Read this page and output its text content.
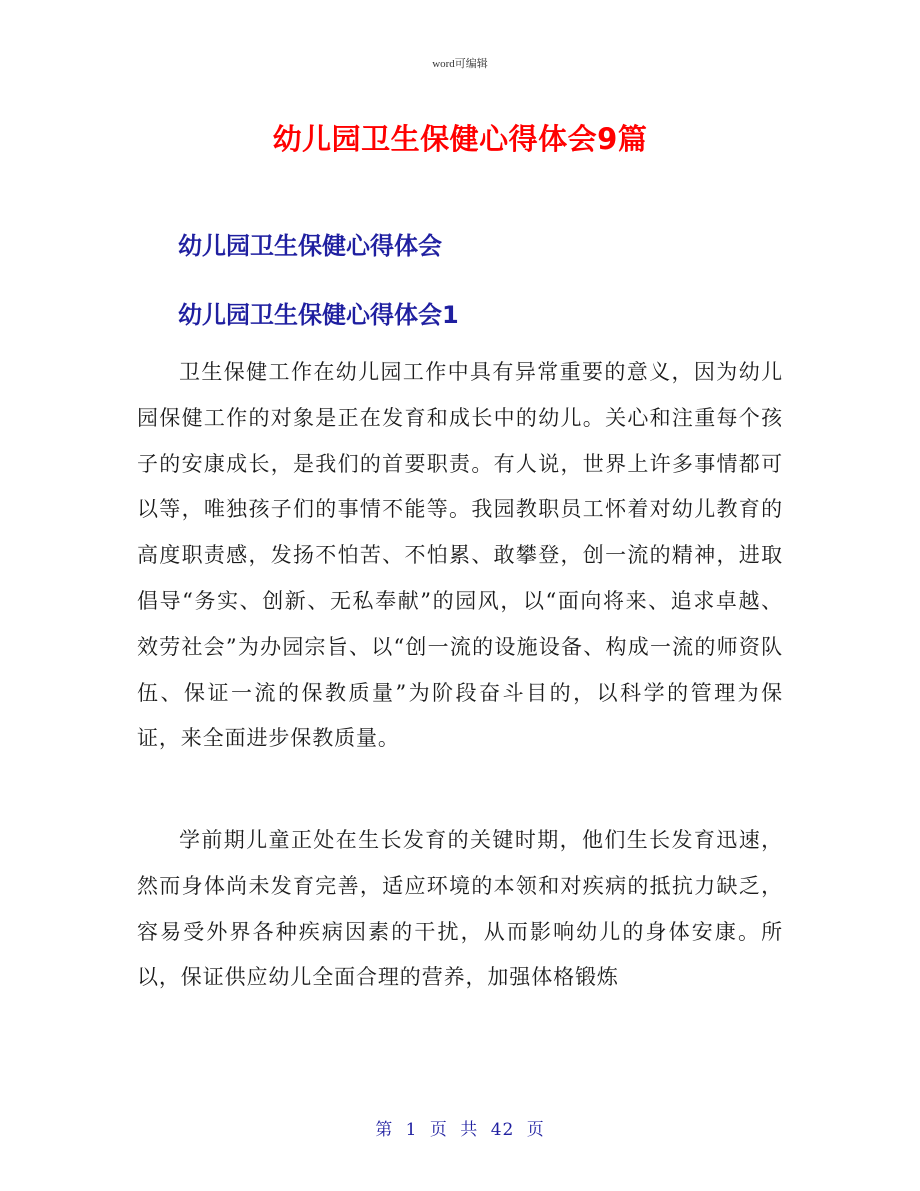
word可编辑
幼儿园卫生保健心得体会9篇
幼儿园卫生保健心得体会
幼儿园卫生保健心得体会1

卫生保健工作在幼儿园工作中具有异常重要的意义，因为幼儿园保健工作的对象是正在发育和成长中的幼儿。关心和注重每个孩子的安康成长，是我们的首要职责。有人说，世界上许多事情都可以等，唯独孩子们的事情不能等。我园教职员工怀着对幼儿教育的高度职责感，发扬不怕苦、不怕累、敢攀登，创一流的精神，进取倡导“务实、创新、无私奉献”的园风，以“面向将来、追求卓越、效劳社会”为办园宗旨、以“创一流的设施设备、构成一流的师资队伍、保证一流的保教质量”为阶段奋斗目的，以科学的管理为保证，来全面进步保教质量。

学前期儿童正处在生长发育的关键时期，他们生长发育迅速，然而身体尚未发育完善，适应环境的本领和对疾病的抵抗力缺乏，容易受外界各种疾病因素的干扰，从而影响幼儿的身体安康。所以，保证供应幼儿全面合理的营养，加强体格锻炼

第 1 页 共 42 页
